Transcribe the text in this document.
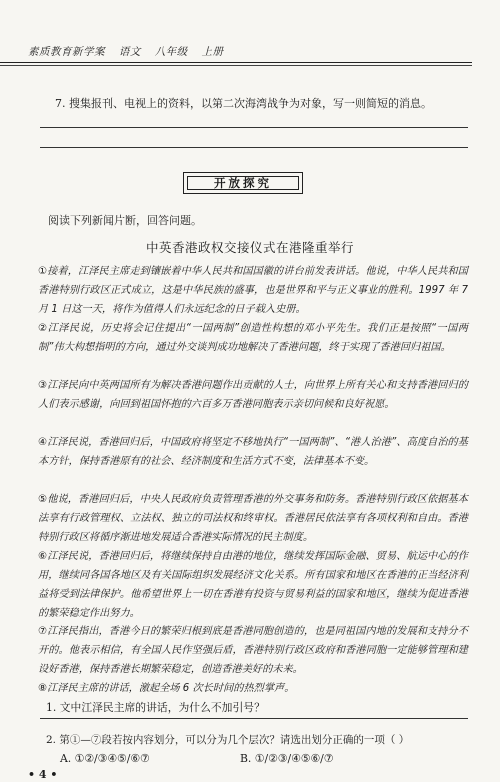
素质教育新学案 语文 八年级 上册
7. 搜集报刊、电视上的资料，以第二次海湾战争为对象，写一则简短的消息。
开放探究
阅读下列新闻片断，回答问题。
中英香港政权交接仪式在港隆重举行
①接着，江泽民主席走到镶嵌着中华人民共和国国徽的讲台前发表讲话。他说，中华人民共和国香港特别行政区正式成立，这是中华民族的盛事，也是世界和平与正义事业的胜利。1997 年 7 月 1 日这一天，将作为值得人们永远纪念的日子载入史册。
②江泽民说，历史将会记住提出“一国两制”创造性构想的邓小平先生。我们正是按照“一国两制”伟大构想指明的方向，通过外交谈判成功地解决了香港问题，终于实现了香港回归祖国。
③江泽民向中英两国所有为解决香港问题作出贡献的人士，向世界上所有关心和支持香港回归的人们表示感谢，向回到祖国怀抱的六百多万香港同胞表示亲切问候和良好祝愿。
④江泽民说，香港回归后，中国政府将坚定不移地执行“一国两制”、“港人治港”、高度自治的基本方针，保持香港原有的社会、经济制度和生活方式不变，法律基本不变。
⑤他说，香港回归后，中央人民政府负责管理香港的外交事务和防务。香港特别行政区依据基本法享有行政管理权、立法权、独立的司法权和终审权。香港居民依法享有各项权利和自由。香港特别行政区将循序渐进地发展适合香港实际情况的民主制度。
⑥江泽民说，香港回归后，将继续保持自由港的地位，继续发挥国际金融、贸易、航运中心的作用，继续同各国各地区及有关国际组织发展经济文化关系。所有国家和地区在香港的正当经济利益将受到法律保护。他希望世界上一切在香港有投资与贸易利益的国家和地区，继续为促进香港的繁荣稳定作出努力。
⑦江泽民指出，香港今日的繁荣归根到底是香港同胞创造的，也是同祖国内地的发展和支持分不开的。他表示相信，有全国人民作坚强后盾，香港特别行政区政府和香港同胞一定能够管理和建设好香港，保持香港长期繁荣稳定，创造香港美好的未来。
⑧江泽民主席的讲话，激起全场 6 次长时间的热烈掌声。
1. 文中江泽民主席的讲话，为什么不加引号？
2. 第①—⑦段若按内容划分，可以分为几个层次？请选出划分正确的一项（ ）
A. ①②/③④⑤/⑥⑦	B. ①/②③/④⑤⑥/⑦
• 4 •
